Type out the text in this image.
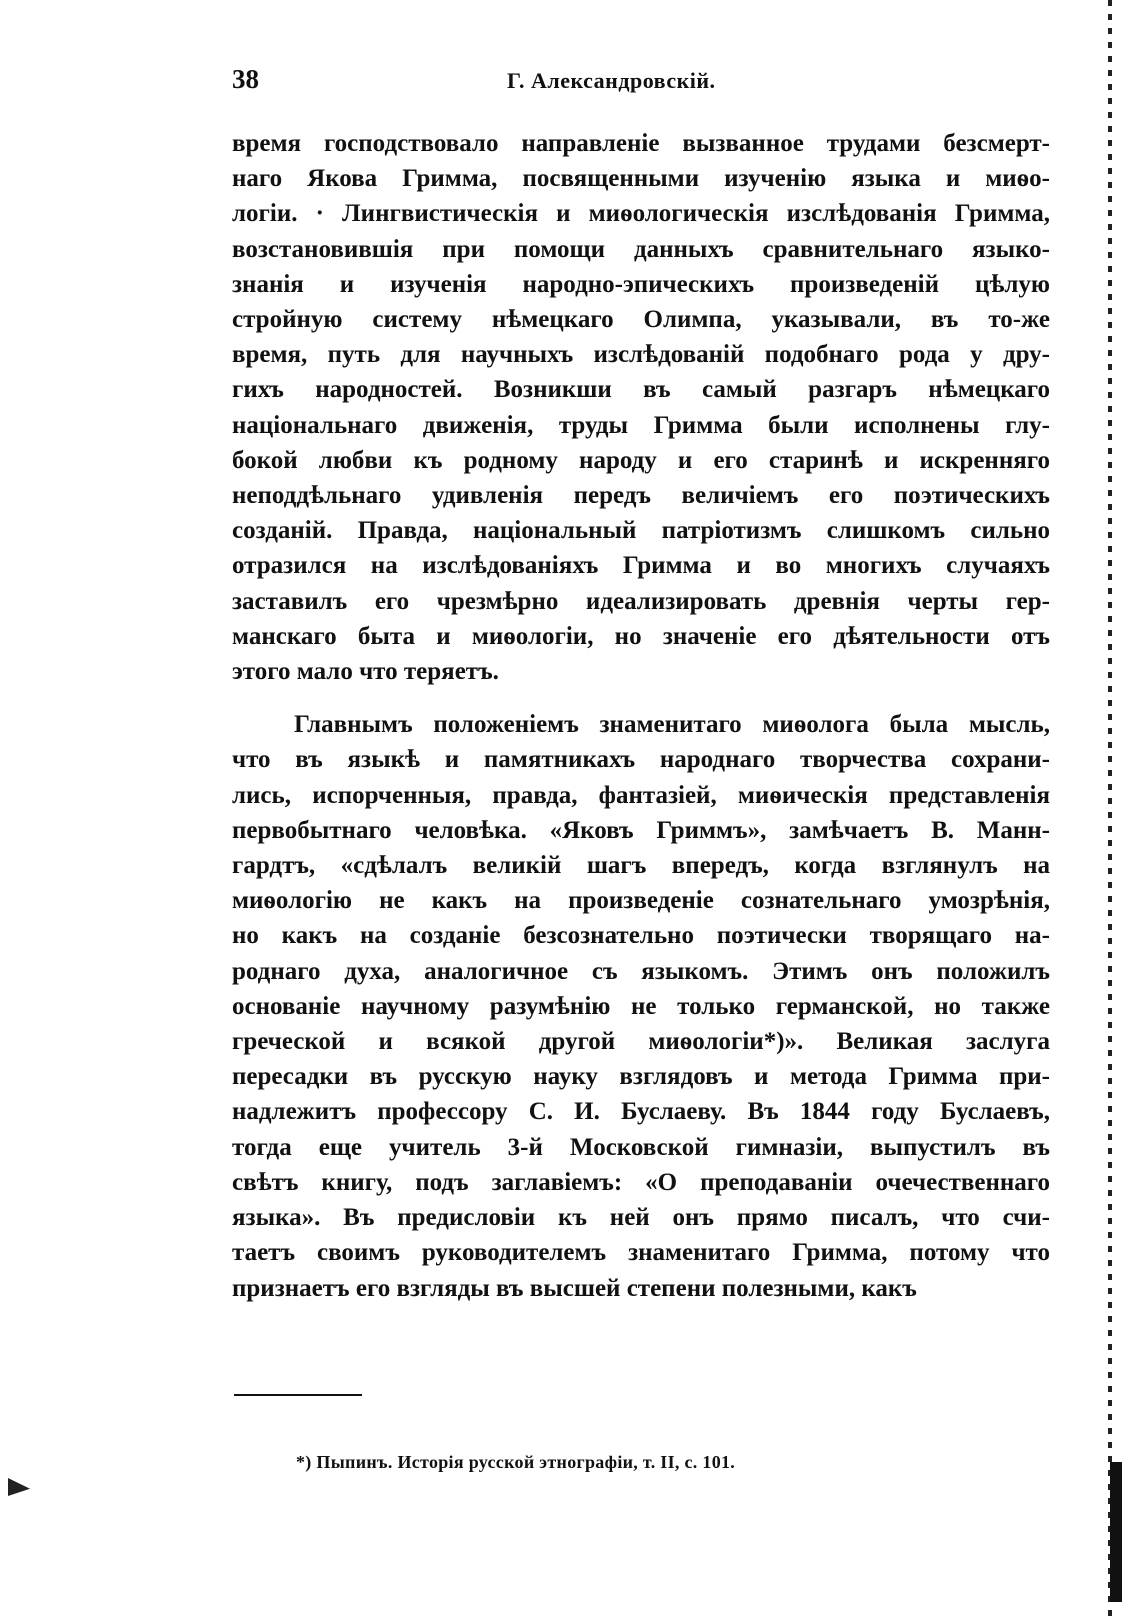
38	Г. Александровскій.
время господствовало направленіе вызванное трудами безсмерт-
наго Якова Гримма, посвященными изученію языка и миѳо-
логіи. · Лингвистическія и миѳологическія изслѣдованія Гримма,
возстановившія при помощи данныхъ сравнительнаго языко-
знанія и изученія народно-эпическихъ произведеній цѣлую
стройную систему нѣмецкаго Олимпа, указывали, въ то-же
время, путь для научныхъ изслѣдованій подобнаго рода у дру-
гихъ народностей. Возникши въ самый разгаръ нѣмецкаго
національнаго движенія, труды Гримма были исполнены глу-
бокой любви къ родному народу и его старинѣ и искренняго
неподдѣльнаго удивленія передъ величіемъ его поэтическихъ
созданій. Правда, національный патріотизмъ слишкомъ сильно
отразился на изслѣдованіяхъ Гримма и во многихъ случаяхъ
заставилъ его чрезмѣрно идеализировать древнія черты гер-
манскаго быта и миѳологіи, но значеніе его дѣятельности отъ
этого мало что теряетъ.
Главнымъ положеніемъ знаменитаго миѳолога была мысль,
что въ языкѣ и памятникахъ народнаго творчества сохрани-
лись, испорченныя, правда, фантазіей, миѳическія представленія
первобытнаго человѣка. «Яковъ Гриммъ», замѣчаетъ В. Манн-
гардтъ, «сдѣлалъ великій шагъ впередъ, когда взглянулъ на
миѳологію не какъ на произведеніе сознательнаго умозрѣнія,
но какъ на созданіе безсознательно поэтически творящаго на-
роднаго духа, аналогичное съ языкомъ. Этимъ онъ положилъ
основаніе научному разумѣнію не только германской, но также
греческой и всякой другой миѳологіи*)». Великая заслуга
пересадки въ русскую науку взглядовъ и метода Гримма при-
надлежитъ профессору С. И. Буслаеву. Въ 1844 году Буслаевъ,
тогда еще учитель 3-й Московской гимназіи, выпустилъ въ
свѣтъ книгу, подъ заглавіемъ: «О преподаваніи очечественнаго
языка». Въ предисловіи къ ней онъ прямо писалъ, что счи-
таетъ своимъ руководителемъ знаменитаго Гримма, потому что
признаетъ его взгляды въ высшей степени полезными, какъ
*) Пыпинъ. Исторія русской этнографіи, т. II, с. 101.
